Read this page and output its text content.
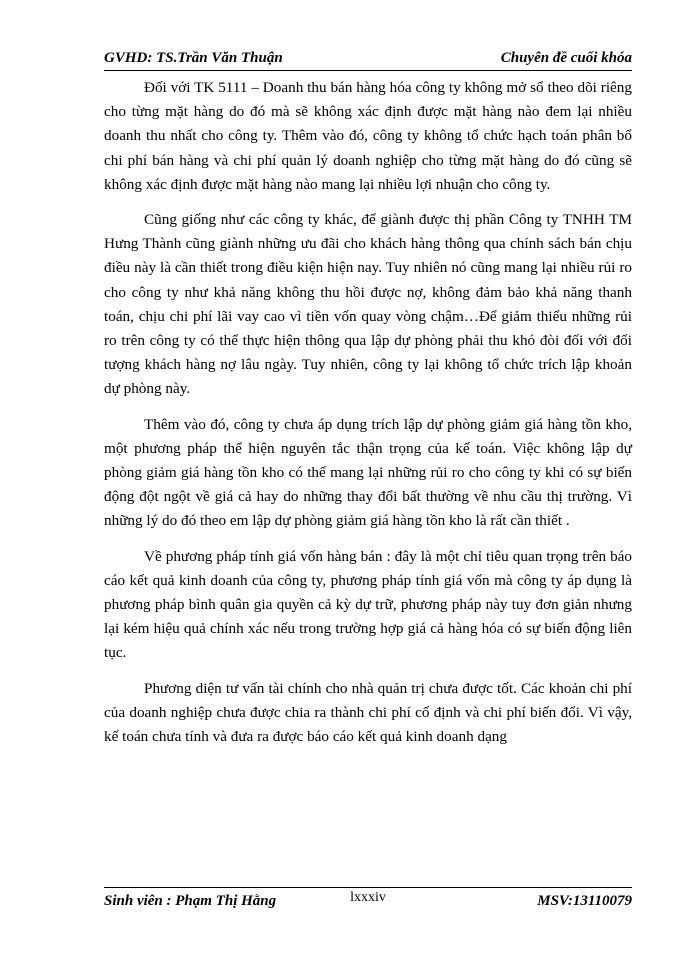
GVHD: TS.Trần Văn Thuận	Chuyên đề cuối khóa

Đối với TK 5111 – Doanh thu bán hàng hóa công ty không mở sổ theo dõi riêng cho từng mặt hàng do đó mà sẽ không xác định được mặt hàng nào đem lại nhiều doanh thu nhất cho công ty. Thêm vào đó, công ty không tổ chức hạch toán phân bổ chi phí bán hàng và chi phí quản lý doanh nghiệp cho từng mặt hàng do đó cũng sẽ không xác định được mặt hàng nào mang lại nhiều lợi nhuận cho công ty.

Cũng giống như các công ty khác, để giành được thị phần Công ty TNHH TM Hưng Thành cũng giành những ưu đãi cho khách hàng thông qua chính sách bán chịu điều này là cần thiết trong điều kiện hiện nay. Tuy nhiên nó cũng mang lại nhiều rủi ro cho công ty như khả năng không thu hồi được nợ, không đảm bảo khả năng thanh toán, chịu chi phí lãi vay cao vì tiền vốn quay vòng chậm…Để giảm thiểu những rủi ro trên công ty có thể thực hiện thông qua lập dự phòng phải thu khó đòi đối với đối tượng khách hàng nợ lâu ngày. Tuy nhiên, công ty lại không tổ chức trích lập khoản dự phòng này.

Thêm vào đó, công ty chưa áp dụng trích lập dự phòng giảm giá hàng tồn kho, một phương pháp thể hiện nguyên tắc thận trọng của kế toán. Việc không lập dự phòng giảm giá hàng tồn kho có thể mang lại những rủi ro cho công ty khi có sự biến động đột ngột về giá cả hay do những thay đổi bất thường về nhu cầu thị trường. Vì những lý do đó theo em lập dự phòng giảm giá hàng tồn kho là rất cần thiết .

Về phương pháp tính giá vốn hàng bán : đây là một chỉ tiêu quan trọng trên báo cáo kết quả kinh doanh của công ty, phương pháp tính giá vốn mà công ty áp dụng là phương pháp bình quân gia quyền cả kỳ dự trữ, phương pháp này tuy đơn giản nhưng lại kém hiệu quả chính xác nếu trong trường hợp giá cả hàng hóa có sự biến động liên tục.

Phương diện tư vấn tài chính cho nhà quản trị chưa được tốt. Các khoản chi phí của doanh nghiệp chưa được chia ra thành chi phí cố định và chi phí biến đổi. Vì vậy, kế toán chưa tính và đưa ra được báo cáo kết quả kinh doanh dạng

Sinh viên : Phạm Thị Hằng	lxxxiv	MSV:13110079
